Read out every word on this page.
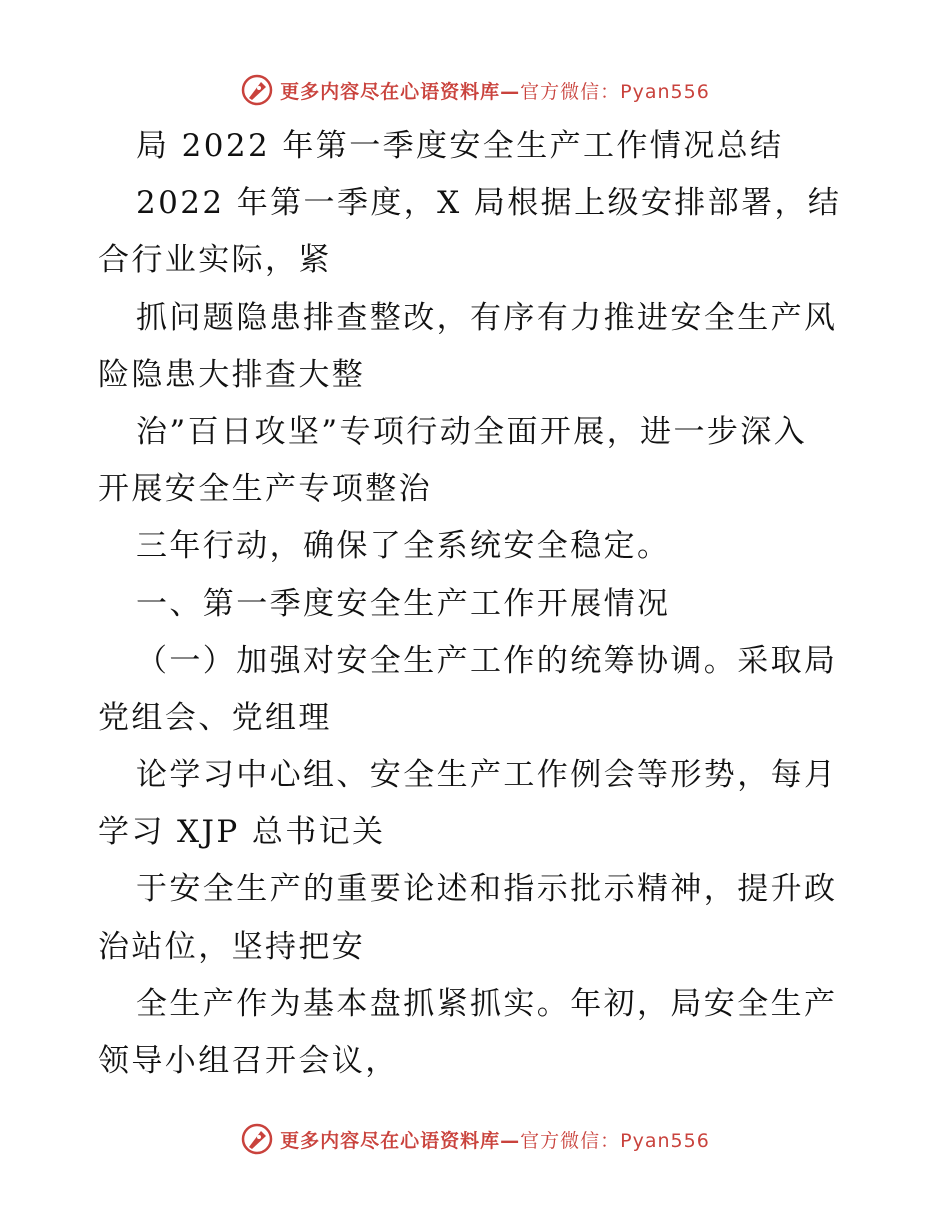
更多内容尽在心语资料库—官方微信：Pyan556
局 2022 年第一季度安全生产工作情况总结
2022 年第一季度，X 局根据上级安排部署，结
合行业实际，紧
抓问题隐患排查整改，有序有力推进安全生产风
险隐患大排查大整
治”百日攻坚”专项行动全面开展，进一步深入
开展安全生产专项整治
三年行动，确保了全系统安全稳定。
一、第一季度安全生产工作开展情况
（一）加强对安全生产工作的统筹协调。采取局
党组会、党组理
论学习中心组、安全生产工作例会等形势，每月
学习 XJP 总书记关
于安全生产的重要论述和指示批示精神，提升政
治站位，坚持把安
全生产作为基本盘抓紧抓实。年初，局安全生产
领导小组召开会议，
更多内容尽在心语资料库—官方微信：Pyan556
